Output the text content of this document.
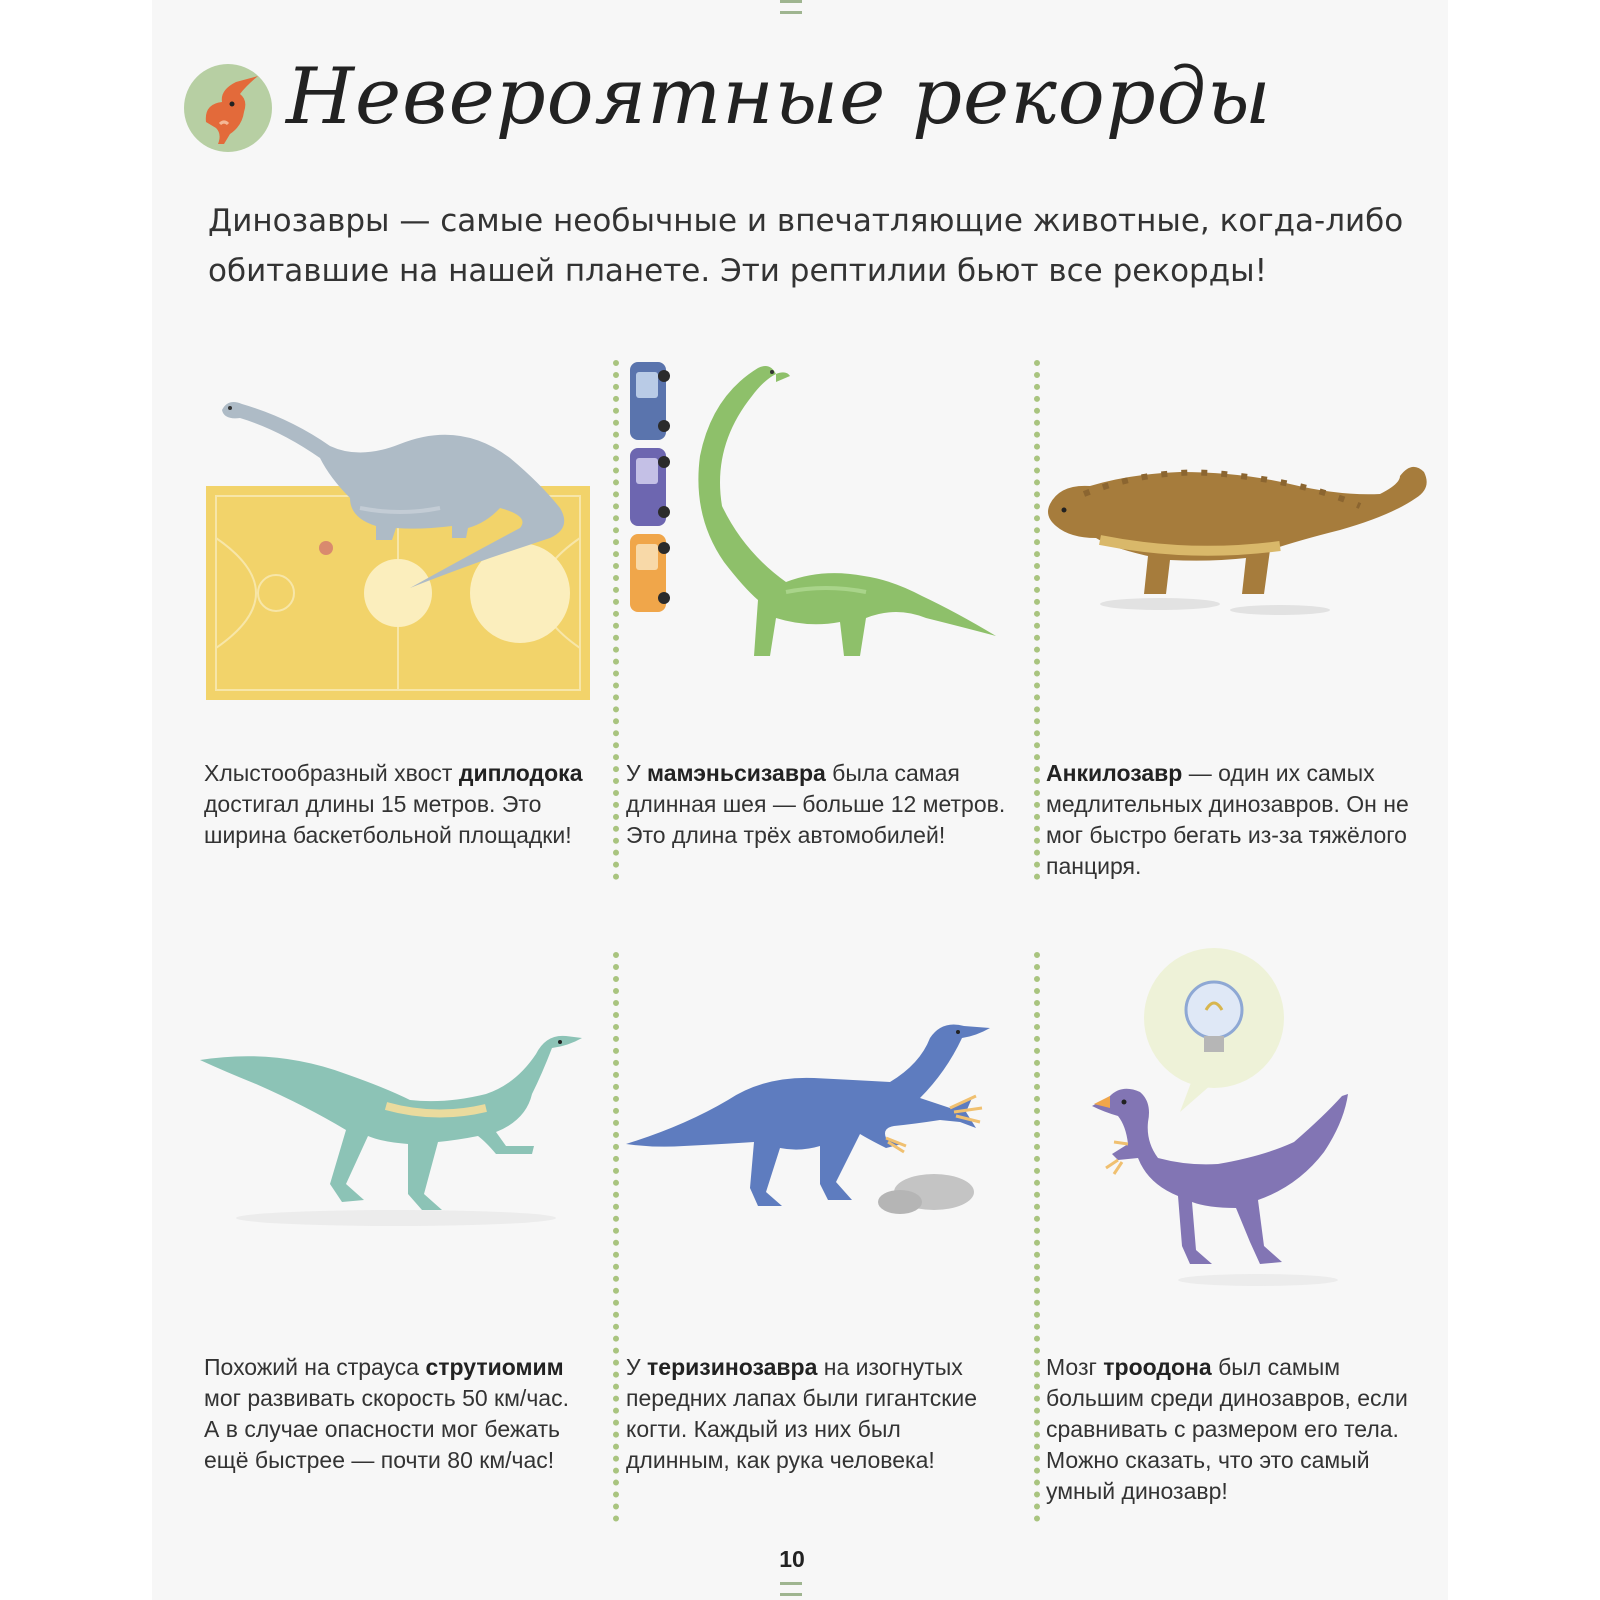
Невероятные рекорды
Динозавры — самые необычные и впечатляющие животные, когда-либо
обитавшие на нашей планете. Эти рептилии бьют все рекорды!
Хлыстообразный хвост диплодока достигал длины 15 метров. Это ширина баскетбольной площадки!
У мамэньсизавра была самая длинная шея — больше 12 метров. Это длина трёх автомобилей!
Анкилозавр — один их самых медлительных динозавров. Он не мог быстро бегать из-за тяжёлого панциря.
Похожий на страуса струтиомим мог развивать скорость 50 км/час. А в случае опасности мог бежать ещё быстрее — почти 80 км/час!
У теризинозавра на изогнутых передних лапах были гигантские когти. Каждый из них был длинным, как рука человека!
Мозг троодона был самым большим среди динозавров, если сравнивать с размером его тела. Можно сказать, что это самый умный динозавр!
10
